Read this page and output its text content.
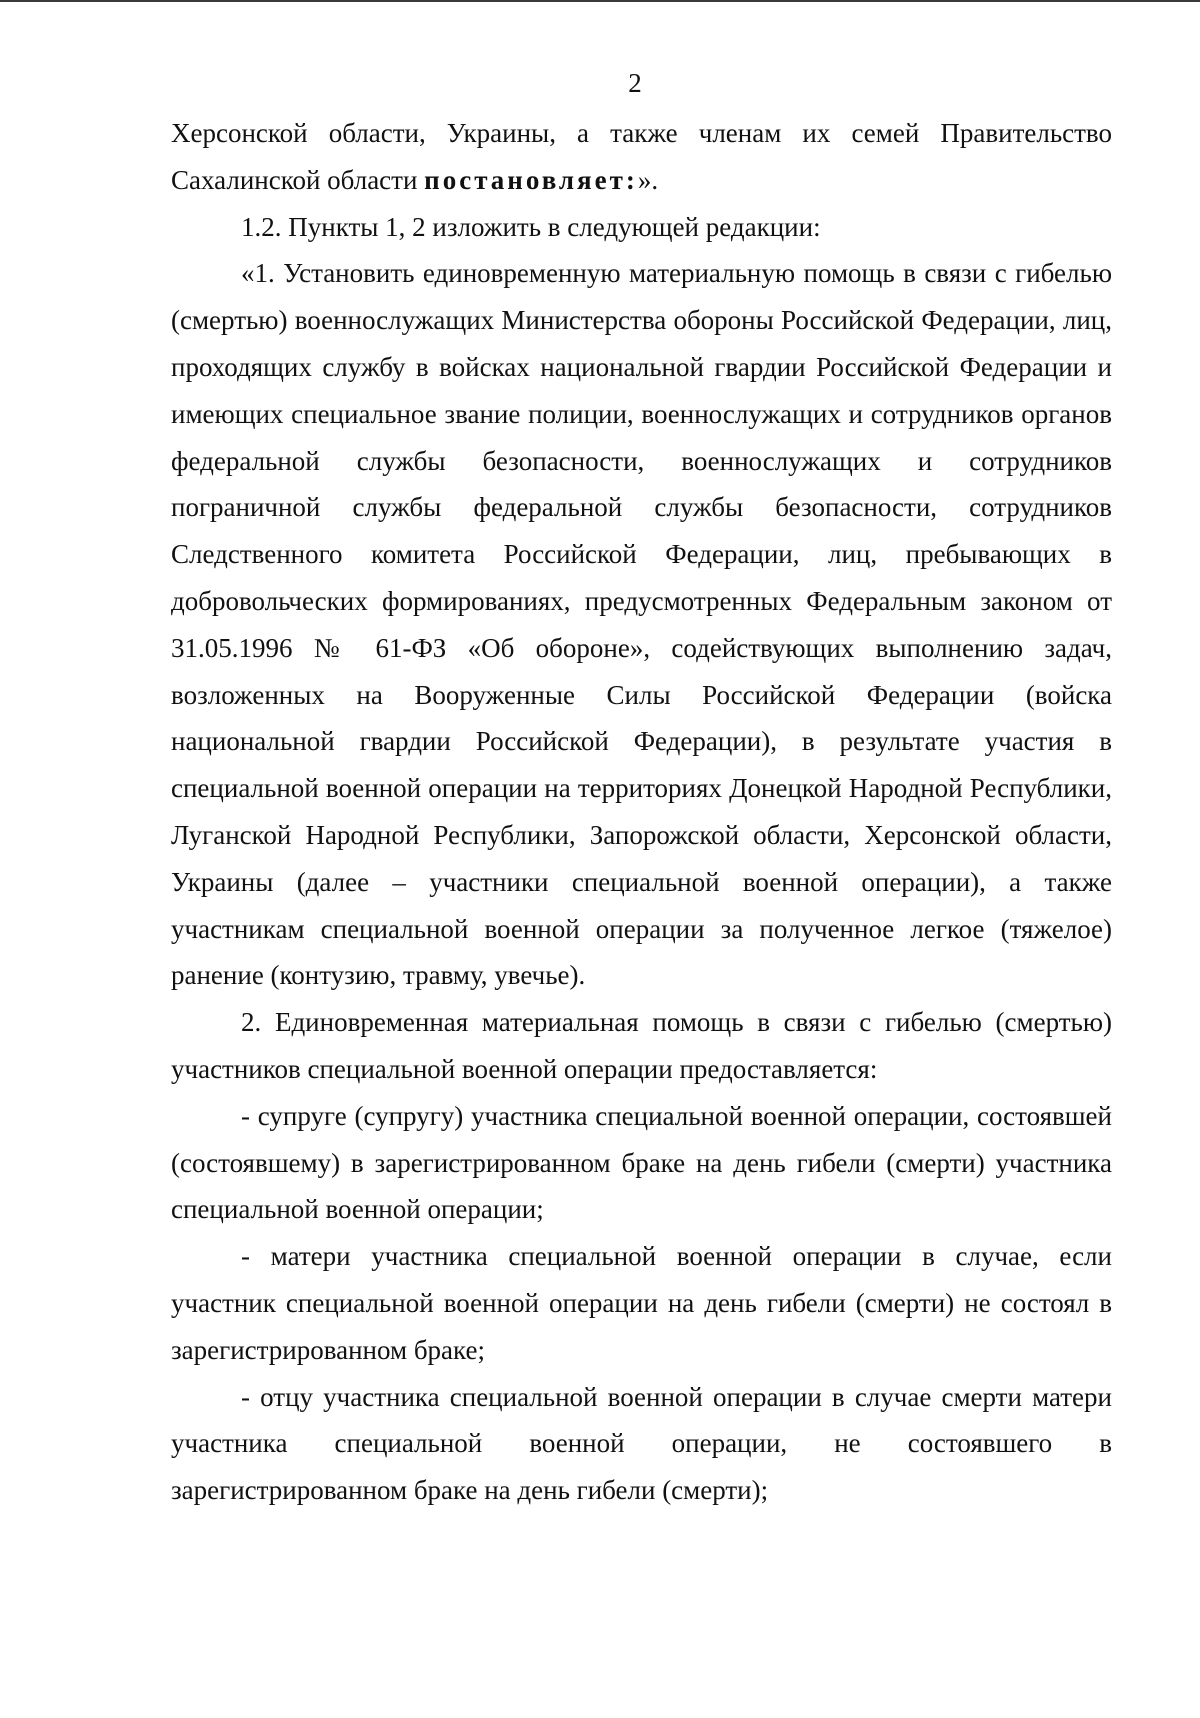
2

Херсонской области, Украины, а также членам их семей Правительство Сахалинской области постановляет:».

1.2. Пункты 1, 2 изложить в следующей редакции:

«1. Установить единовременную материальную помощь в связи с гибелью (смертью) военнослужащих Министерства обороны Российской Федерации, лиц, проходящих службу в войсках национальной гвардии Российской Федерации и имеющих специальное звание полиции, военнослужащих и сотрудников органов федеральной службы безопасности, военнослужащих и сотрудников пограничной службы федеральной службы безопасности, сотрудников Следственного комитета Российской Федерации, лиц, пребывающих в добровольческих формированиях, предусмотренных Федеральным законом от 31.05.1996 № 61-ФЗ «Об обороне», содействующих выполнению задач, возложенных на Вооруженные Силы Российской Федерации (войска национальной гвардии Российской Федерации), в результате участия в специальной военной операции на территориях Донецкой Народной Республики, Луганской Народной Республики, Запорожской области, Херсонской области, Украины (далее – участники специальной военной операции), а также участникам специальной военной операции за полученное легкое (тяжелое) ранение (контузию, травму, увечье).

2. Единовременная материальная помощь в связи с гибелью (смертью) участников специальной военной операции предоставляется:

- супруге (супругу) участника специальной военной операции, состоявшей (состоявшему) в зарегистрированном браке на день гибели (смерти) участника специальной военной операции;

- матери участника специальной военной операции в случае, если участник специальной военной операции на день гибели (смерти) не состоял в зарегистрированном браке;

- отцу участника специальной военной операции в случае смерти матери участника специальной военной операции, не состоявшего в зарегистрированном браке на день гибели (смерти);
